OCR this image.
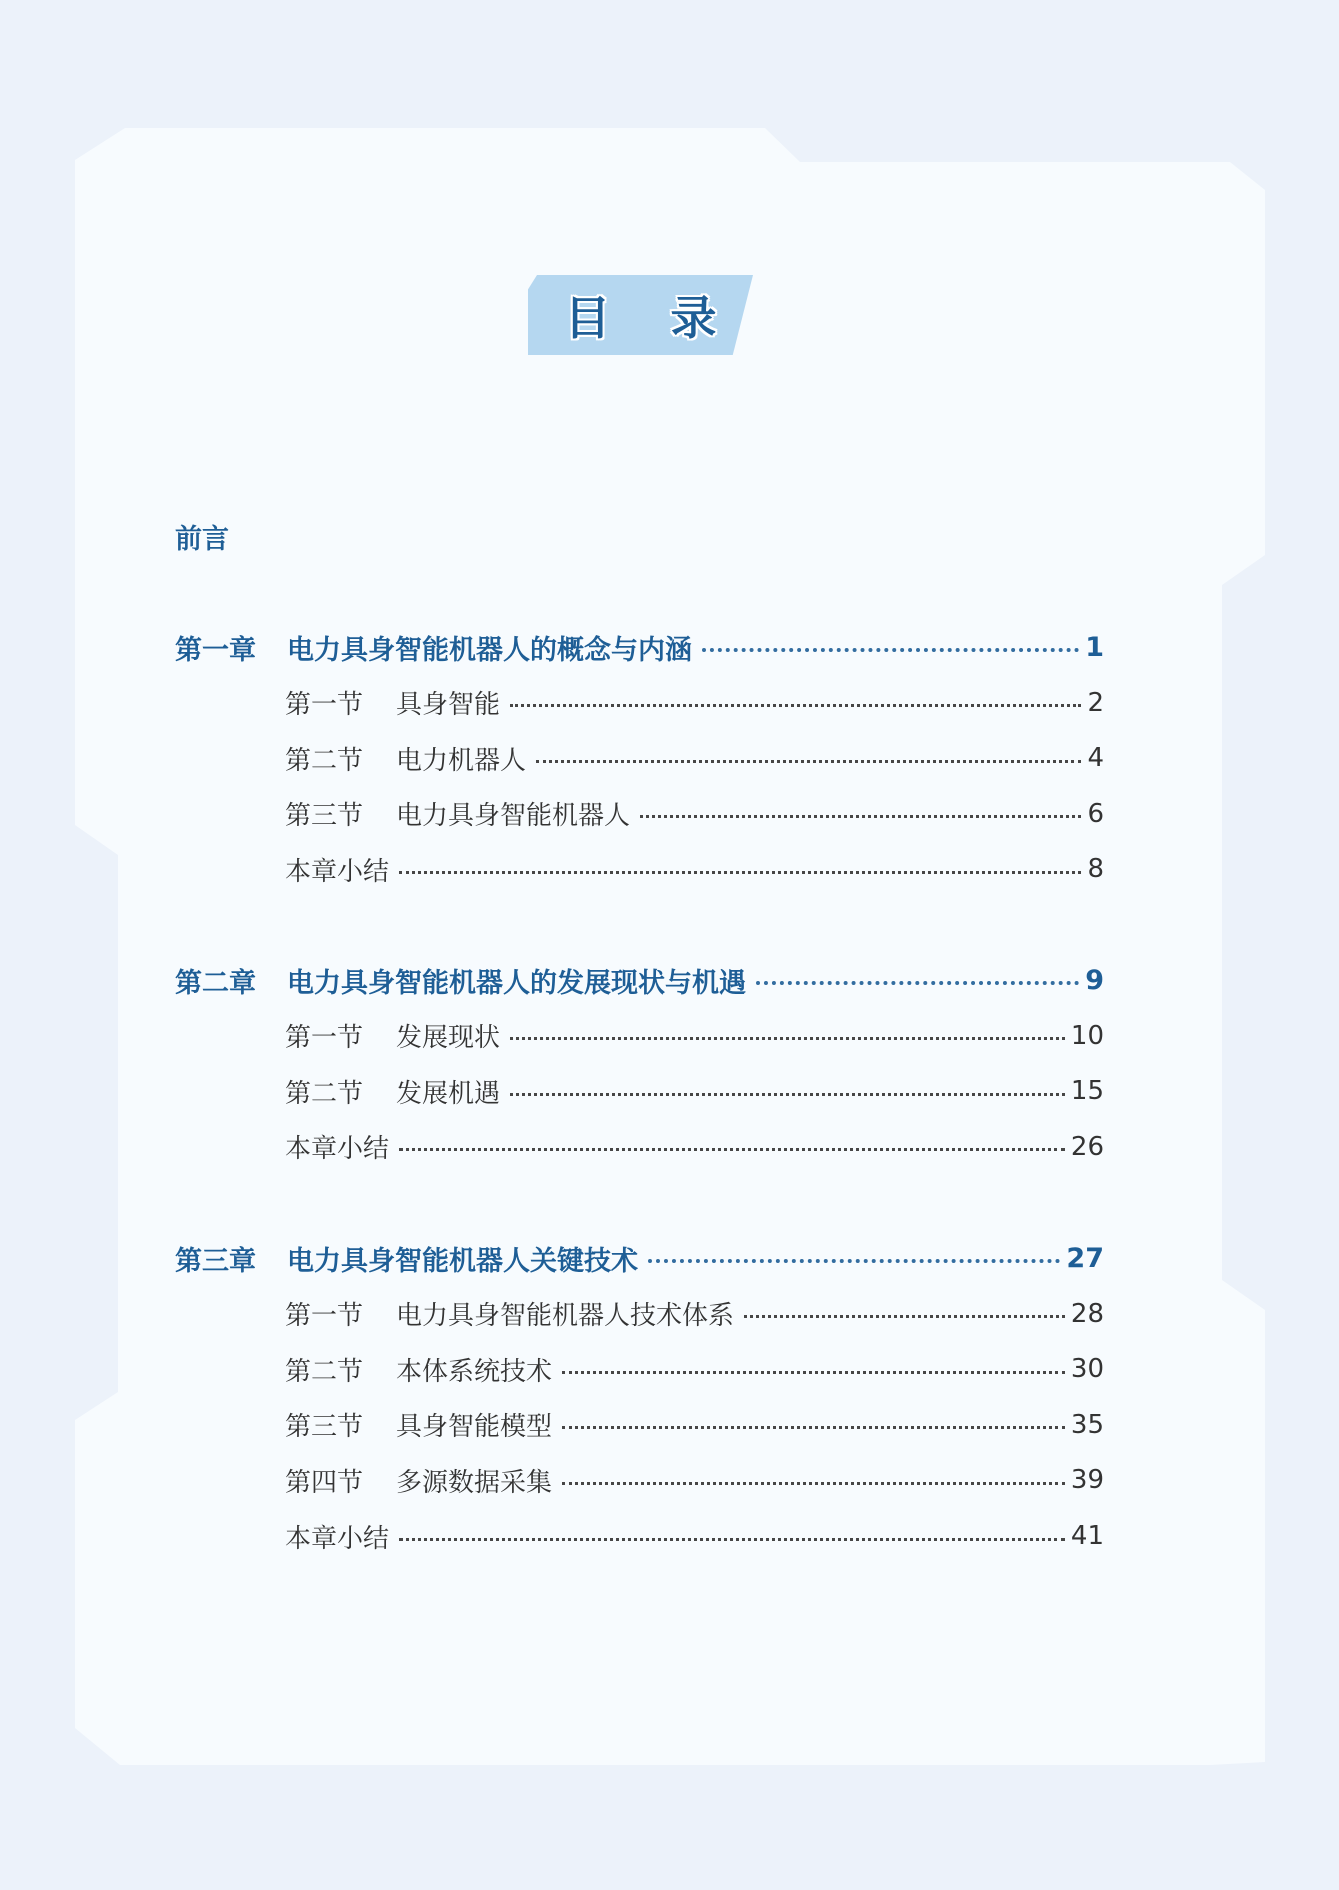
目 录
前言
第一章	电力具身智能机器人的概念与内涵	1
第一节	具身智能	2
第二节	电力机器人	4
第三节	电力具身智能机器人	6
本章小结	8
第二章	电力具身智能机器人的发展现状与机遇	9
第一节	发展现状	10
第二节	发展机遇	15
本章小结	26
第三章	电力具身智能机器人关键技术	27
第一节	电力具身智能机器人技术体系	28
第二节	本体系统技术	30
第三节	具身智能模型	35
第四节	多源数据采集	39
本章小结	41
